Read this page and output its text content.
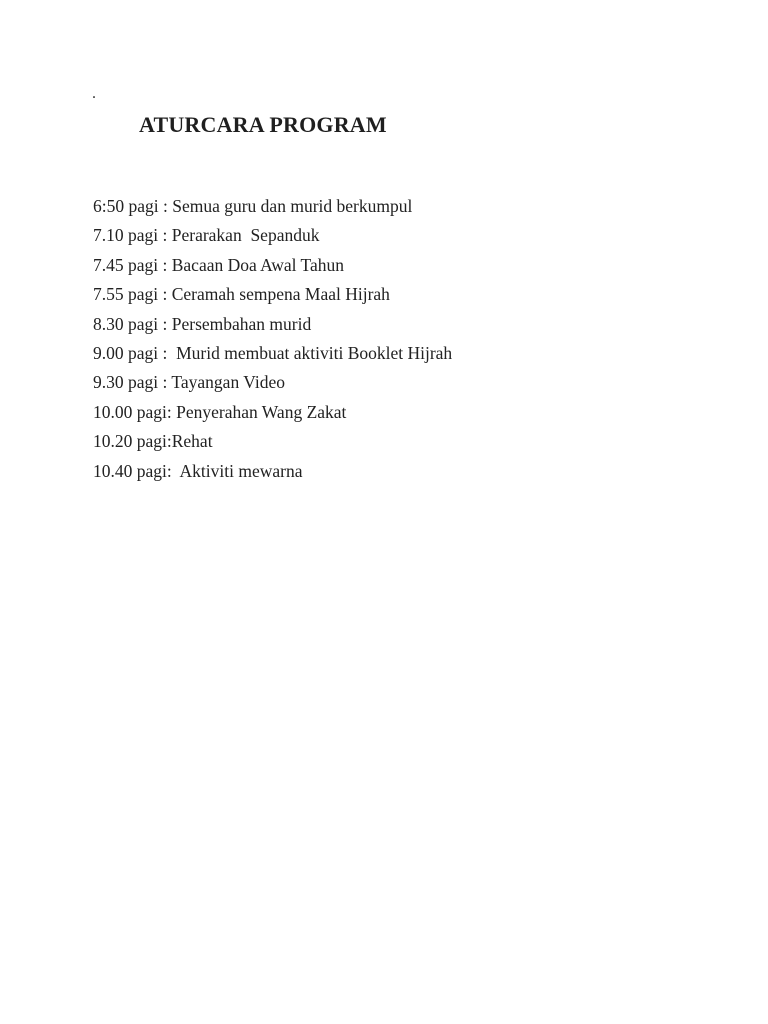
.
ATURCARA PROGRAM
6:50 pagi : Semua guru dan murid berkumpul
7.10 pagi : Perarakan  Sepanduk
7.45 pagi : Bacaan Doa Awal Tahun
7.55 pagi : Ceramah sempena Maal Hijrah
8.30 pagi : Persembahan murid
9.00 pagi :  Murid membuat aktiviti Booklet Hijrah
9.30 pagi : Tayangan Video
10.00 pagi: Penyerahan Wang Zakat
10.20 pagi:Rehat
10.40 pagi:  Aktiviti mewarna
